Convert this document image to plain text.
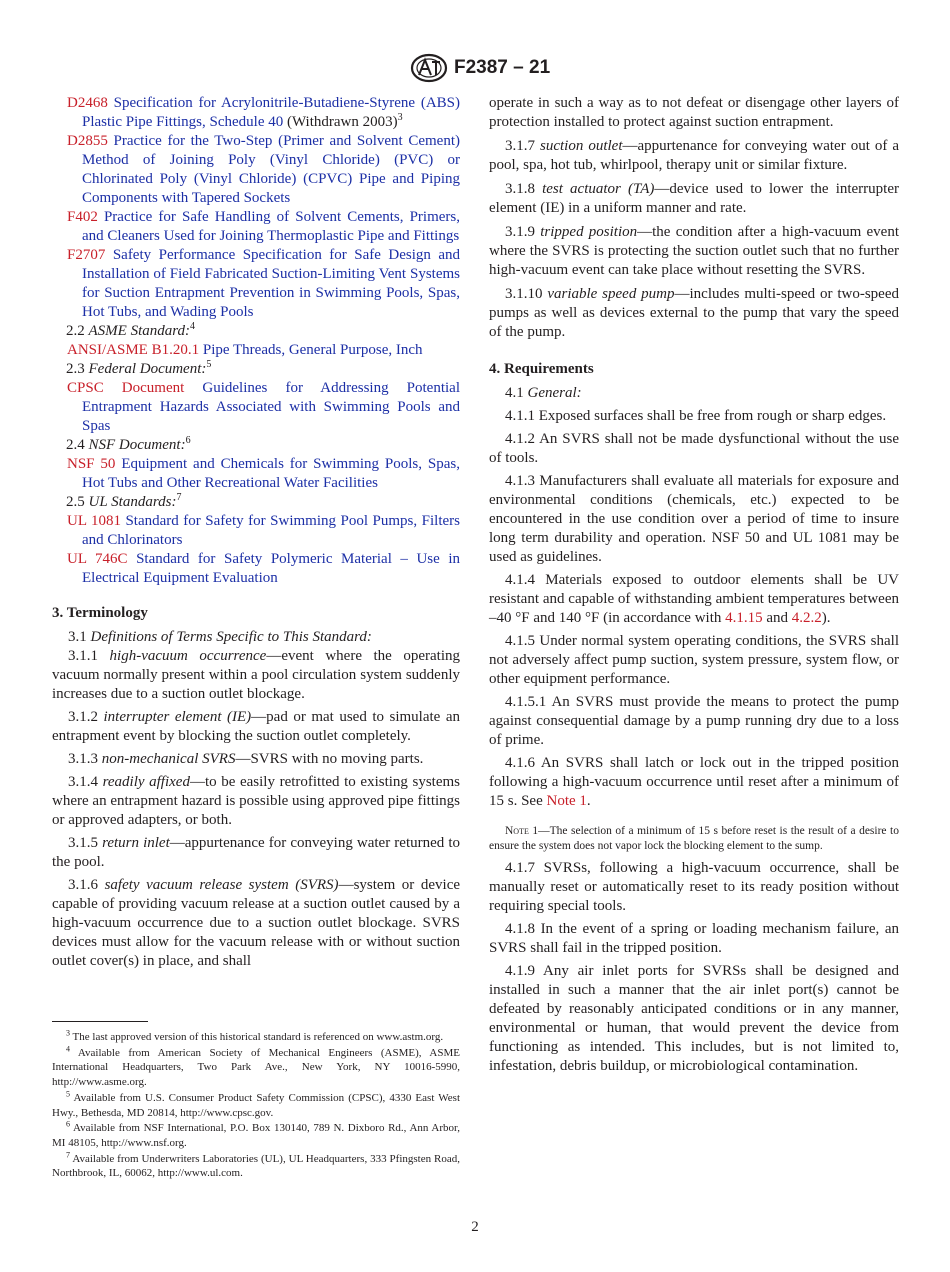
F2387 – 21

D2468 Specification for Acrylonitrile-Butadiene-Styrene (ABS) Plastic Pipe Fittings, Schedule 40 (Withdrawn 2003)$^3$

D2855 Practice for the Two-Step (Primer and Solvent Cement) Method of Joining Poly (Vinyl Chloride) (PVC) or Chlorinated Poly (Vinyl Chloride) (CPVC) Pipe and Piping Components with Tapered Sockets

F402 Practice for Safe Handling of Solvent Cements, Primers, and Cleaners Used for Joining Thermoplastic Pipe and Fittings

F2707 Safety Performance Specification for Safe Design and Installation of Field Fabricated Suction-Limiting Vent Systems for Suction Entrapment Prevention in Swimming Pools, Spas, Hot Tubs, and Wading Pools

2.2 ASME Standard:$^4$

ANSI/ASME B1.20.1 Pipe Threads, General Purpose, Inch

2.3 Federal Document:$^5$

CPSC Document Guidelines for Addressing Potential Entrapment Hazards Associated with Swimming Pools and Spas

2.4 NSF Document:$^6$

NSF 50 Equipment and Chemicals for Swimming Pools, Spas, Hot Tubs and Other Recreational Water Facilities

2.5 UL Standards:$^7$

UL 1081 Standard for Safety for Swimming Pool Pumps, Filters and Chlorinators

UL 746C Standard for Safety Polymeric Material – Use in Electrical Equipment Evaluation

3. Terminology

3.1 Definitions of Terms Specific to This Standard:

3.1.1 high-vacuum occurrence—event where the operating vacuum normally present within a pool circulation system suddenly increases due to a suction outlet blockage.

3.1.2 interrupter element (IE)—pad or mat used to simulate an entrapment event by blocking the suction outlet completely.

3.1.3 non-mechanical SVRS—SVRS with no moving parts.

3.1.4 readily affixed—to be easily retrofitted to existing systems where an entrapment hazard is possible using approved pipe fittings or approved adapters, or both.

3.1.5 return inlet—appurtenance for conveying water returned to the pool.

3.1.6 safety vacuum release system (SVRS)—system or device capable of providing vacuum release at a suction outlet caused by a high-vacuum occurrence due to a suction outlet blockage. SVRS devices must allow for the vacuum release with or without suction outlet cover(s) in place, and shall

$^3$ The last approved version of this historical standard is referenced on www.astm.org.

$^4$ Available from American Society of Mechanical Engineers (ASME), ASME International Headquarters, Two Park Ave., New York, NY 10016-5990, http://www.asme.org.

$^5$ Available from U.S. Consumer Product Safety Commission (CPSC), 4330 East West Hwy., Bethesda, MD 20814, http://www.cpsc.gov.

$^6$ Available from NSF International, P.O. Box 130140, 789 N. Dixboro Rd., Ann Arbor, MI 48105, http://www.nsf.org.

$^7$ Available from Underwriters Laboratories (UL), UL Headquarters, 333 Pfingsten Road, Northbrook, IL, 60062, http://www.ul.com.

operate in such a way as to not defeat or disengage other layers of protection installed to protect against suction entrapment.

3.1.7 suction outlet—appurtenance for conveying water out of a pool, spa, hot tub, whirlpool, therapy unit or similar fixture.

3.1.8 test actuator (TA)—device used to lower the interrupter element (IE) in a uniform manner and rate.

3.1.9 tripped position—the condition after a high-vacuum event where the SVRS is protecting the suction outlet such that no further high-vacuum event can take place without resetting the SVRS.

3.1.10 variable speed pump—includes multi-speed or two-speed pumps as well as devices external to the pump that vary the speed of the pump.

4. Requirements

4.1 General:

4.1.1 Exposed surfaces shall be free from rough or sharp edges.

4.1.2 An SVRS shall not be made dysfunctional without the use of tools.

4.1.3 Manufacturers shall evaluate all materials for exposure and environmental conditions (chemicals, etc.) expected to be encountered in the use condition over a period of time to insure long term durability and operation. NSF 50 and UL 1081 may be used as guidelines.

4.1.4 Materials exposed to outdoor elements shall be UV resistant and capable of withstanding ambient temperatures between –40 °F and 140 °F (in accordance with 4.1.15 and 4.2.2).

4.1.5 Under normal system operating conditions, the SVRS shall not adversely affect pump suction, system pressure, system flow, or other equipment performance.

4.1.5.1 An SVRS must provide the means to protect the pump against consequential damage by a pump running dry due to a loss of prime.

4.1.6 An SVRS shall latch or lock out in the tripped position following a high-vacuum occurrence until reset after a minimum of 15 s. See Note 1.

Note 1—The selection of a minimum of 15 s before reset is the result of a desire to ensure the system does not vapor lock the blocking element to the sump.

4.1.7 SVRSs, following a high-vacuum occurrence, shall be manually reset or automatically reset to its ready position without requiring special tools.

4.1.8 In the event of a spring or loading mechanism failure, an SVRS shall fail in the tripped position.

4.1.9 Any air inlet ports for SVRSs shall be designed and installed in such a manner that the air inlet port(s) cannot be defeated by reasonably anticipated conditions or in any manner, environmental or human, that would prevent the device from functioning as intended. This includes, but is not limited to, infestation, debris buildup, or microbiological contamination.

2
